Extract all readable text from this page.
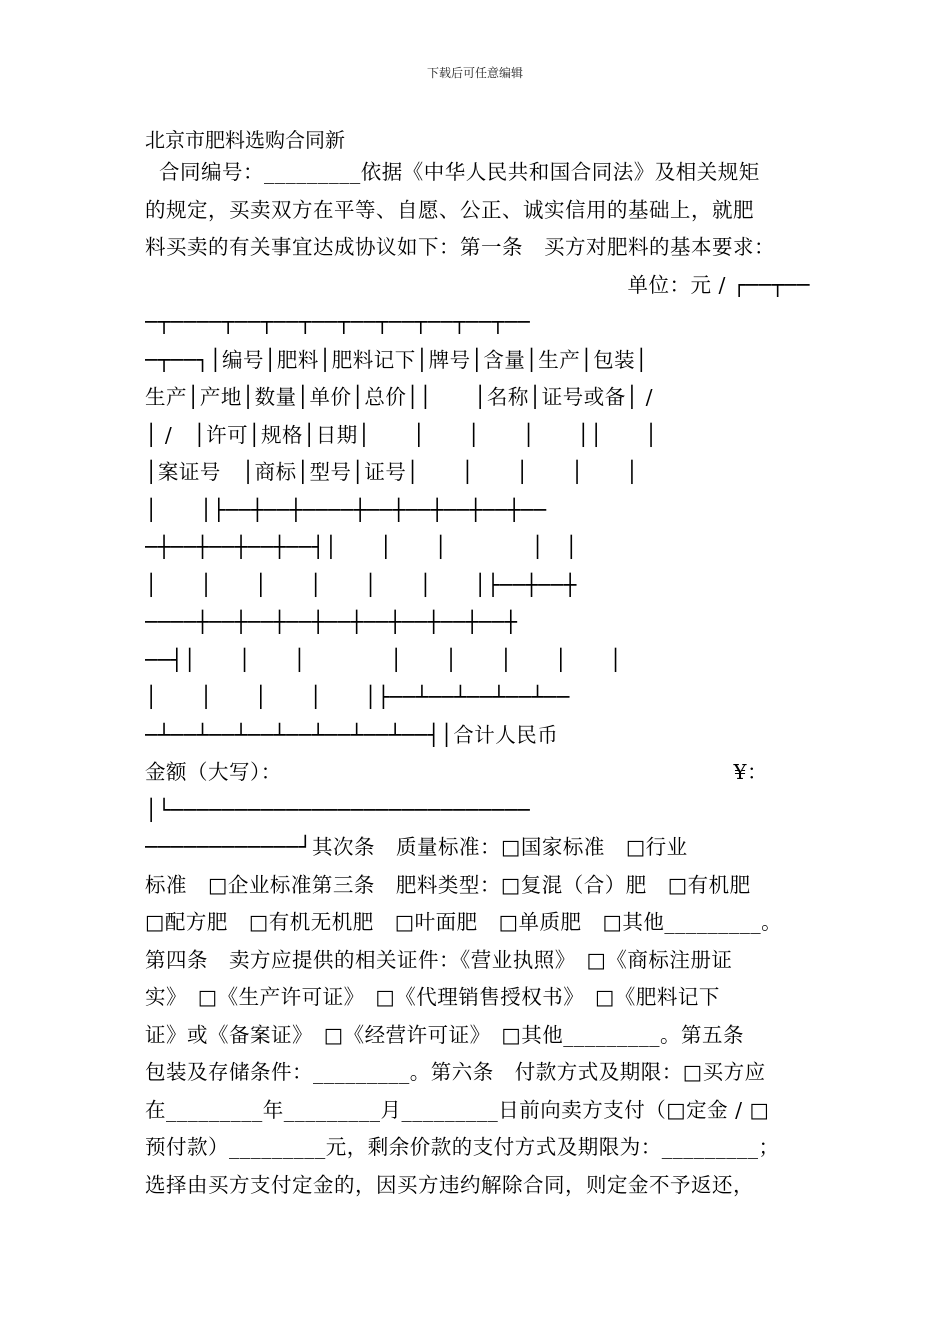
下载后可任意编辑
北京市肥料选购合同新
合同编号：_________依据《中华人民共和国合同法》及相关规矩
的规定，买卖双方在平等、自愿、公正、诚实信用的基础上，就肥
料买卖的有关事宜达成协议如下：第一条　买方对肥料的基本要求：
单位：元 / ┌──┬──
─┬────┬──┬──┬──┬──┬──┬──┬──┬──
─┬──┐│编号│肥料│肥料记下│牌号│含量│生产│包装│
生产│产地│数量│单价│总价││　　│名称│证号或备│ /
│ /　│许可│规格│日期│　　│　　│　　│　　││　　│
│案证号　│商标│型号│证号│　　│　　│　　│　　│
│　　│├──┼──┼────┼──┼──┼──┼──┼──
─┼──┼──┼──┼──┤│　　│　　│　　　　│　│
│　　│　　│　　│　　│　　│　　│├──┼──┼
────┼──┼──┼──┼──┼──┼──┼──┼──┼
──┤│　　│　　│　　　　│　　│　　│　　│　　│
│　　│　　│　　│　　│├──┴──┴──┴──┴──
─┴──┴──┴──┴──┴──┴──┴──┤│合计人民币
金额（大写）：　　　　　　　　　　　　　　　　　　　　　　¥：
│└────────────────────────────
────────────┘其次条　质量标准：□国家标准　□行业
标准　□企业标准第三条　肥料类型：□复混（合）肥　□有机肥
□配方肥　□有机无机肥　□叶面肥　□单质肥　□其他_________。
第四条　卖方应提供的相关证件：《营业执照》　□《商标注册证
实》　□《生产许可证》　□《代理销售授权书》　□《肥料记下
证》或《备案证》　□《经营许可证》　□其他_________。第五条
包装及存储条件：_________。第六条　付款方式及期限：□买方应
在_________年_________月_________日前向卖方支付（□定金 / □
预付款）_________元，剩余价款的支付方式及期限为：_________；
选择由买方支付定金的，因买方违约解除合同，则定金不予返还，
